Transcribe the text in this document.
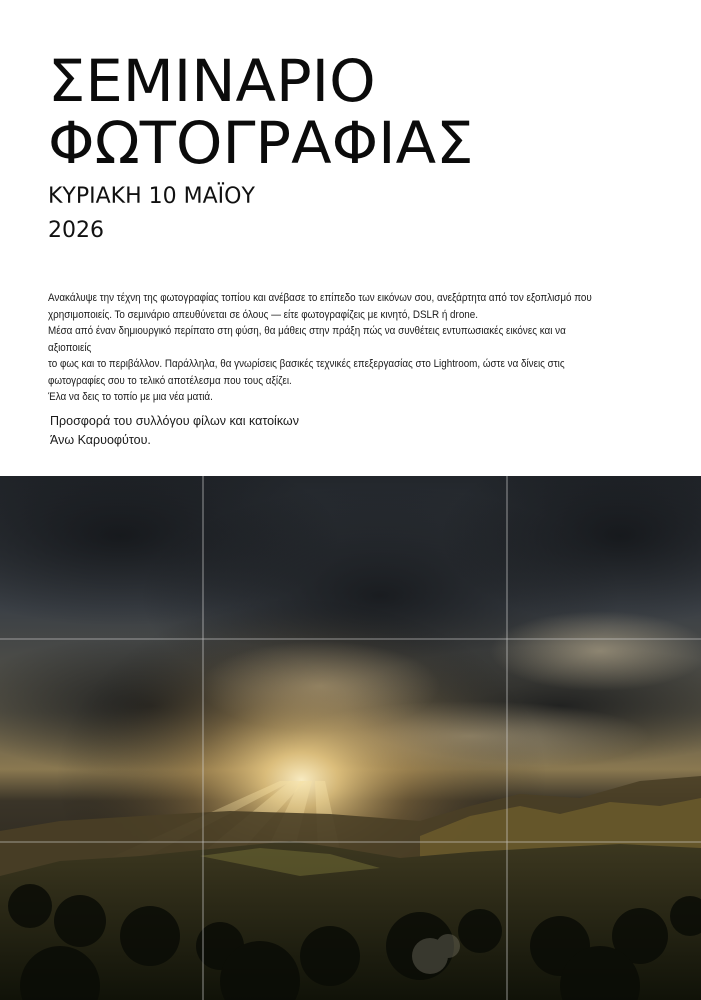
ΣΕΜΙΝΑΡΙΟ
ΦΩΤΟΓΡΑΦΙΑΣ
ΚΥΡΙΑΚΗ 10 ΜΑΪΟΥ
2026

Ανακάλυψε την τέχνη της φωτογραφίας τοπίου και ανέβασε το επίπεδο των εικόνων σου, ανεξάρτητα από τον εξοπλισμό που

χρησιμοποιείς. Το σεμινάριο απευθύνεται σε όλους — είτε φωτογραφίζεις με κινητό, DSLR ή drone.

Μέσα από έναν δημιουργικό περίπατο στη φύση, θα μάθεις στην πράξη πώς να συνθέτεις εντυπωσιακές εικόνες και να αξιοποιείς

το φως και το περιβάλλον. Παράλληλα, θα γνωρίσεις βασικές τεχνικές επεξεργασίας στο Lightroom, ώστε να δίνεις στις

φωτογραφίες σου το τελικό αποτέλεσμα που τους αξίζει.

Έλα να δεις το τοπίο με μια νέα ματιά.

Προσφορά του συλλόγου φίλων και κατοίκων
Άνω Καρυοφύτου.
